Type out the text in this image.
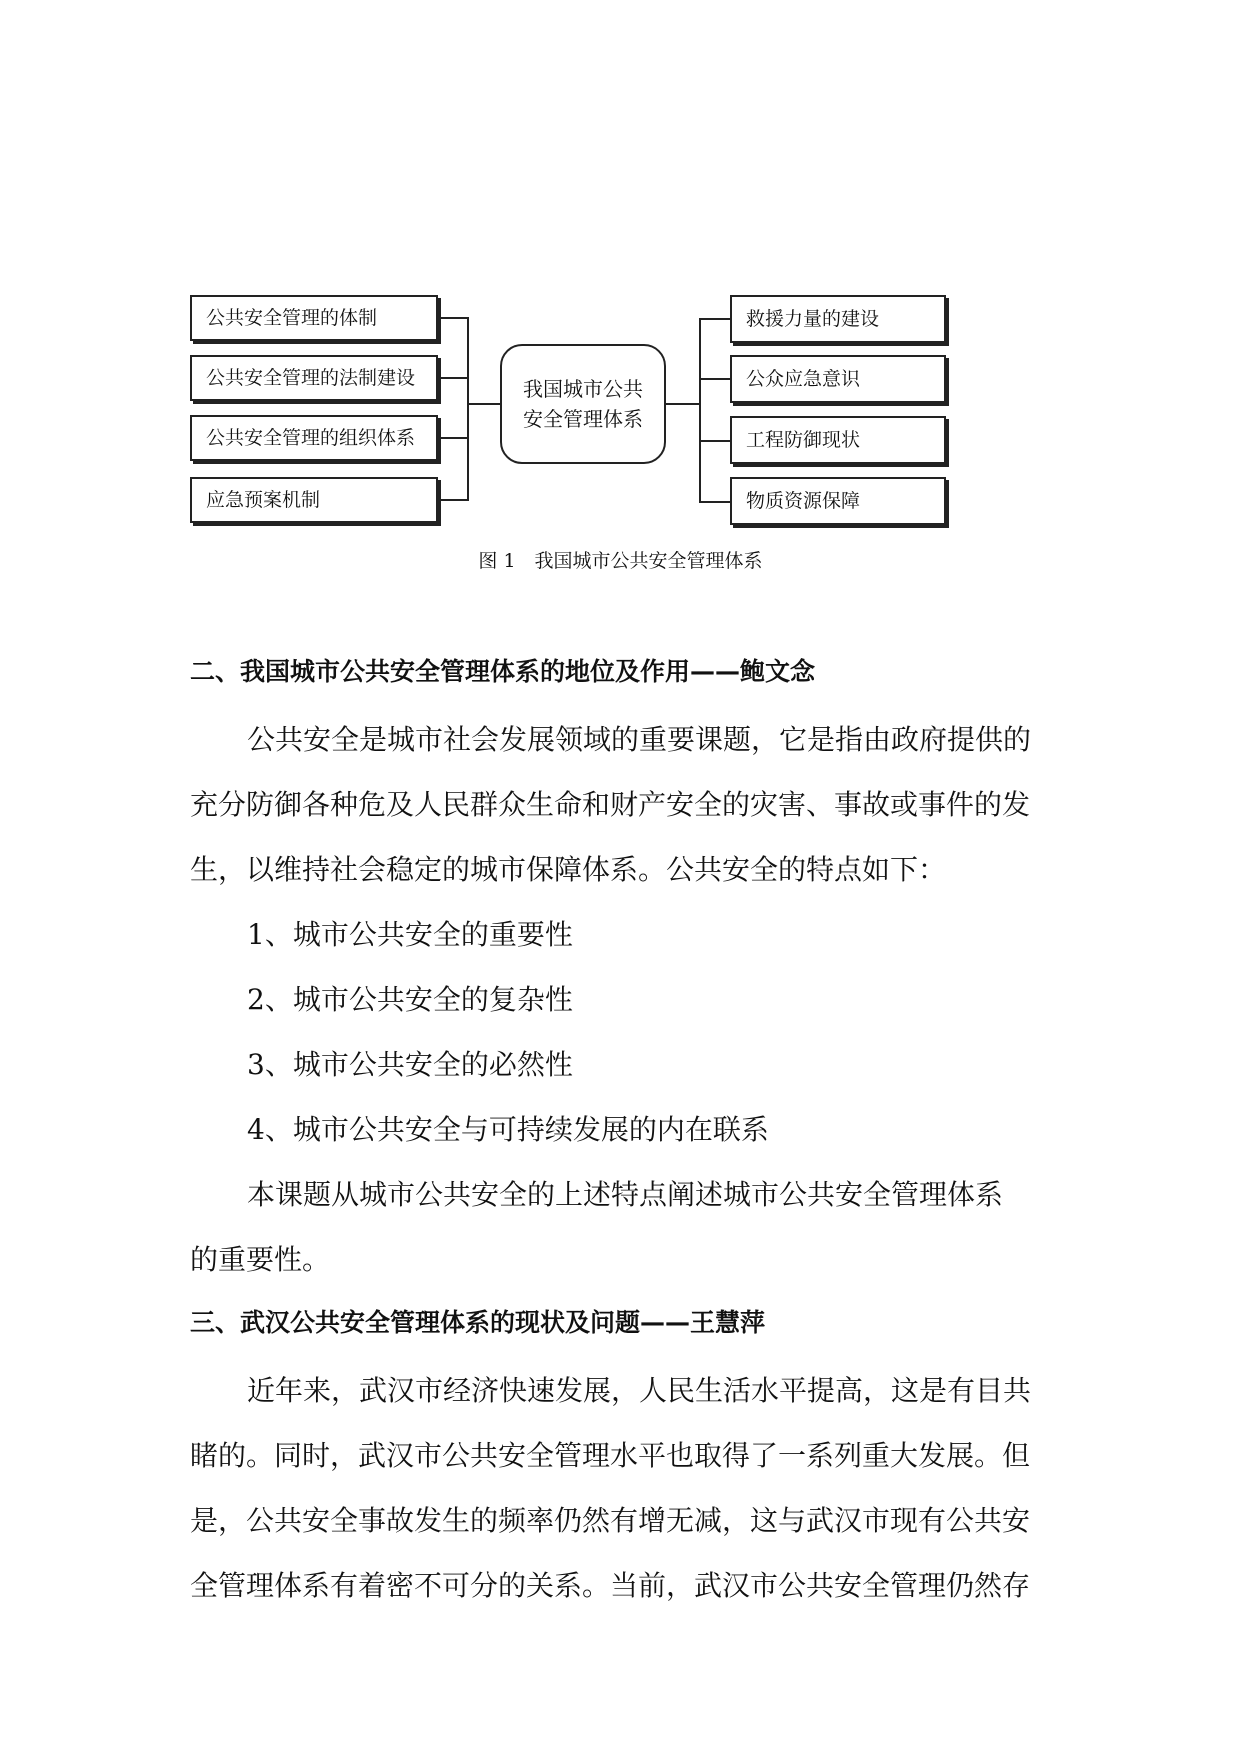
公共安全管理的体制
公共安全管理的法制建设
公共安全管理的组织体系
应急预案机制
我国城市公共安全管理体系
救援力量的建设
公众应急意识
工程防御现状
物质资源保障
图 1　我国城市公共安全管理体系
二、我国城市公共安全管理体系的地位及作用——鲍文念
公共安全是城市社会发展领域的重要课题，它是指由政府提供的
充分防御各种危及人民群众生命和财产安全的灾害、事故或事件的发
生，以维持社会稳定的城市保障体系。公共安全的特点如下：
1、城市公共安全的重要性
2、城市公共安全的复杂性
3、城市公共安全的必然性
4、城市公共安全与可持续发展的内在联系
本课题从城市公共安全的上述特点阐述城市公共安全管理体系
的重要性。
三、武汉公共安全管理体系的现状及问题——王慧萍
近年来，武汉市经济快速发展，人民生活水平提高，这是有目共
睹的。同时，武汉市公共安全管理水平也取得了一系列重大发展。但
是，公共安全事故发生的频率仍然有增无减，这与武汉市现有公共安
全管理体系有着密不可分的关系。当前，武汉市公共安全管理仍然存
